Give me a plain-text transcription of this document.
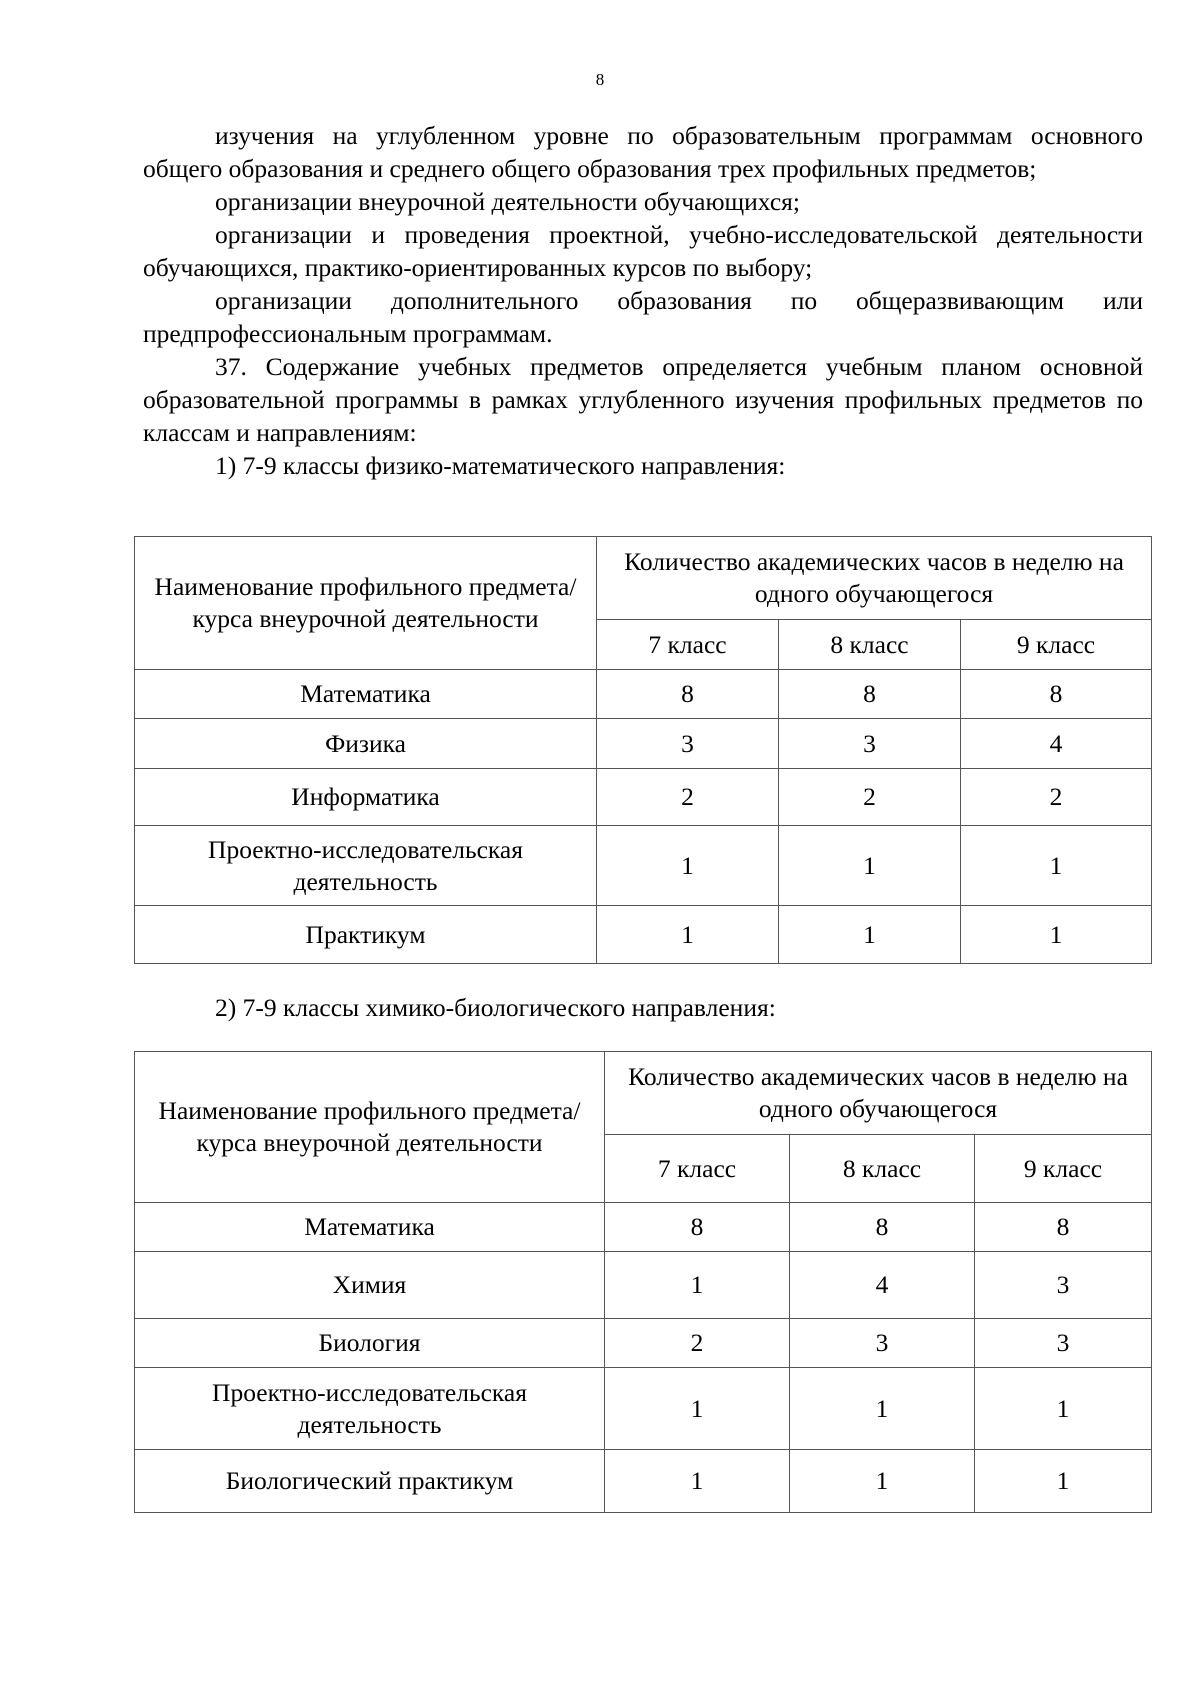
8

изучения на углубленном уровне по образовательным программам основного общего образования и среднего общего образования трех профильных предметов;

организации внеурочной деятельности обучающихся;

организации и проведения проектной, учебно-исследовательской деятельности обучающихся, практико-ориентированных курсов по выбору;

организации дополнительного образования по общеразвивающим или предпрофессиональным программам.

37. Содержание учебных предметов определяется учебным планом основной образовательной программы в рамках углубленного изучения профильных предметов по классам и направлениям:

1) 7-9 классы физико-математического направления:

Наименование профильного предмета/курса внеурочной деятельности	Количество академических часов в неделю на одного обучающегося		
	7 класс	8 класс	9 класс
Математика	8	8	8
Физика	3	3	4
Информатика	2	2	2
Проектно-исследовательская деятельность	1	1	1
Практикум	1	1	1
2) 7-9 классы химико-биологического направления:
Наименование профильного предмета/курса внеурочной деятельности	Количество академических часов в неделю на одного обучающегося		
	7 класс	8 класс	9 класс
Математика	8	8	8
Химия	1	4	3
Биология	2	3	3
Проектно-исследовательская деятельность	1	1	1
Биологический практикум	1	1	1
